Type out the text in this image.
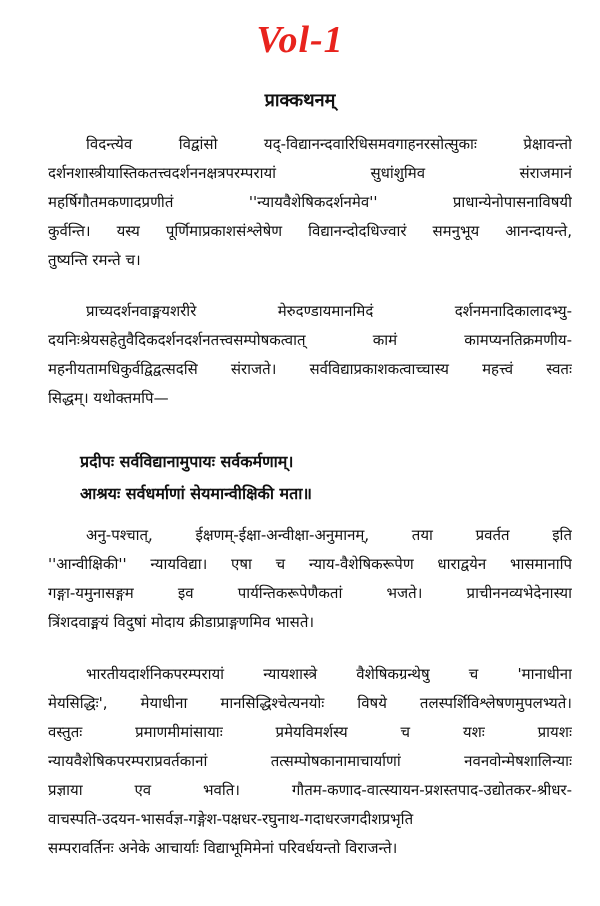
Vol-1
प्राक्कथनम्
विदन्त्येव विद्वांसो यद्-विद्यानन्दवारिधिसमवगाहनरसोत्सुकाः प्रेक्षावन्तो
दर्शनशास्त्रीयास्तिकतत्त्वदर्शननक्षत्रपरम्परायां सुधांशुमिव संराजमानं
महर्षिगौतमकणादप्रणीतं ''न्यायवैशेषिकदर्शनमेव'' प्राधान्येनोपासनाविषयी
कुर्वन्ति। यस्य पूर्णिमाप्रकाशसंश्लेषेण विद्यानन्दोदधिज्वारं समनुभूय आनन्दायन्ते,
तुष्यन्ति रमन्ते च।
प्राच्यदर्शनवाङ्मयशरीरे मेरुदण्डायमानमिदं दर्शनमनादिकालादभ्यु-
दयनिःश्रेयसहेतुवैदिकदर्शनदर्शनतत्त्वसम्पोषकत्वात् कामं कामप्यनतिक्रमणीय-
महनीयतामधिकुर्वद्विद्वत्सदसि संराजते। सर्वविद्याप्रकाशकत्वाच्चास्य महत्त्वं स्वतः
सिद्धम्। यथोक्तमपि—
प्रदीपः सर्वविद्यानामुपायः सर्वकर्मणाम्।
आश्रयः सर्वधर्माणां सेयमान्वीक्षिकी मता॥
अनु-पश्चात्, ईक्षणम्-ईक्षा-अन्वीक्षा-अनुमानम्, तया प्रवर्तत इति
''आन्वीक्षिकी'' न्यायविद्या। एषा च न्याय-वैशेषिकरूपेण धाराद्वयेन भासमानापि
गङ्गा-यमुनासङ्गम इव पार्यन्तिकरूपेणैकतां भजते। प्राचीननव्यभेदेनास्या
त्रिंशदवाङ्मयं विदुषां मोदाय क्रीडाप्राङ्गणमिव भासते।
भारतीयदार्शनिकपरम्परायां न्यायशास्त्रे वैशेषिकग्रन्थेषु च 'मानाधीना
मेयसिद्धिः', मेयाधीना मानसिद्धिश्चेत्यनयोः विषये तलस्पर्शिविश्लेषणमुपलभ्यते।
वस्तुतः प्रमाणमीमांसायाः प्रमेयविमर्शस्य च यशः प्रायशः
न्यायवैशेषिकपरम्पराप्रवर्तकानां तत्सम्पोषकानामाचार्याणां नवनवोन्मेषशालिन्याः
प्रज्ञाया एव भवति। गौतम-कणाद-वात्स्यायन-प्रशस्तपाद-उद्योतकर-श्रीधर-
वाचस्पति-उदयन-भासर्वज्ञ-गङ्गेश-पक्षधर-रघुनाथ-गदाधरजगदीशप्रभृति
सम्परावर्तिनः अनेके आचार्याः विद्याभूमिमेनां परिवर्धयन्तो विराजन्ते।
